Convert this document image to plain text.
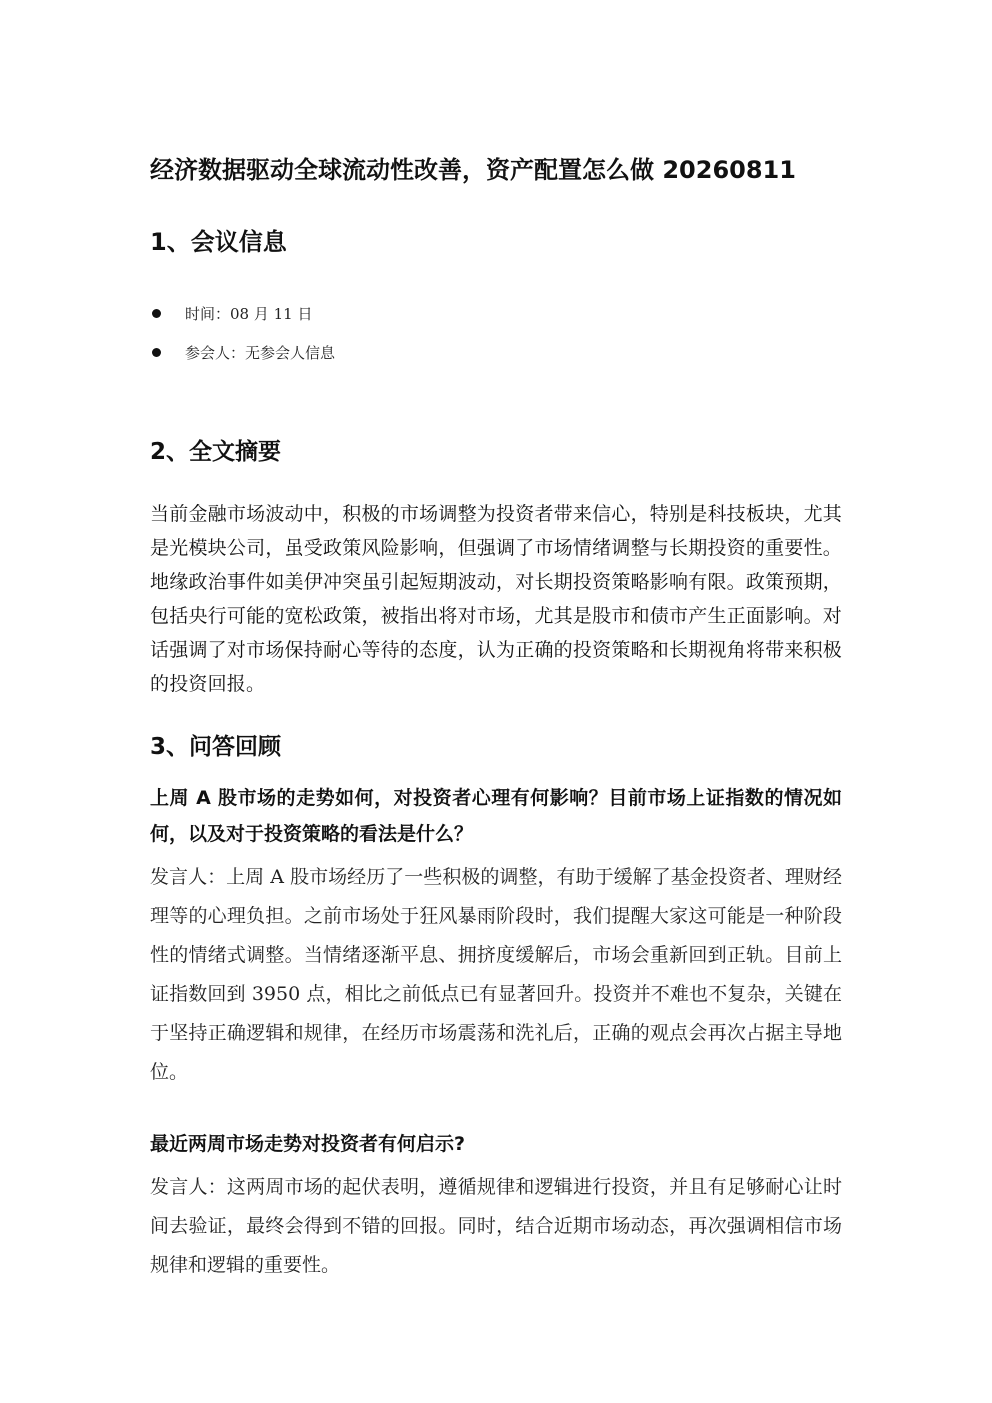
经济数据驱动全球流动性改善，资产配置怎么做 20260811
1、会议信息
时间：08 月 11 日
参会人：无参会人信息
2、全文摘要

当前金融市场波动中，积极的市场调整为投资者带来信心，特别是科技板块，尤其是光模块公司，虽受政策风险影响，但强调了市场情绪调整与长期投资的重要性。地缘政治事件如美伊冲突虽引起短期波动，对长期投资策略影响有限。政策预期，包括央行可能的宽松政策，被指出将对市场，尤其是股市和债市产生正面影响。对话强调了对市场保持耐心等待的态度，认为正确的投资策略和长期视角将带来积极的投资回报。

3、问答回顾

上周 A 股市场的走势如何，对投资者心理有何影响？目前市场上证指数的情况如何，以及对于投资策略的看法是什么？

发言人：上周 A 股市场经历了一些积极的调整，有助于缓解了基金投资者、理财经理等的心理负担。之前市场处于狂风暴雨阶段时，我们提醒大家这可能是一种阶段性的情绪式调整。当情绪逐渐平息、拥挤度缓解后，市场会重新回到正轨。目前上证指数回到 3950 点，相比之前低点已有显著回升。投资并不难也不复杂，关键在于坚持正确逻辑和规律，在经历市场震荡和洗礼后，正确的观点会再次占据主导地位。

最近两周市场走势对投资者有何启示?

发言人：这两周市场的起伏表明，遵循规律和逻辑进行投资，并且有足够耐心让时间去验证，最终会得到不错的回报。同时，结合近期市场动态，再次强调相信市场规律和逻辑的重要性。
